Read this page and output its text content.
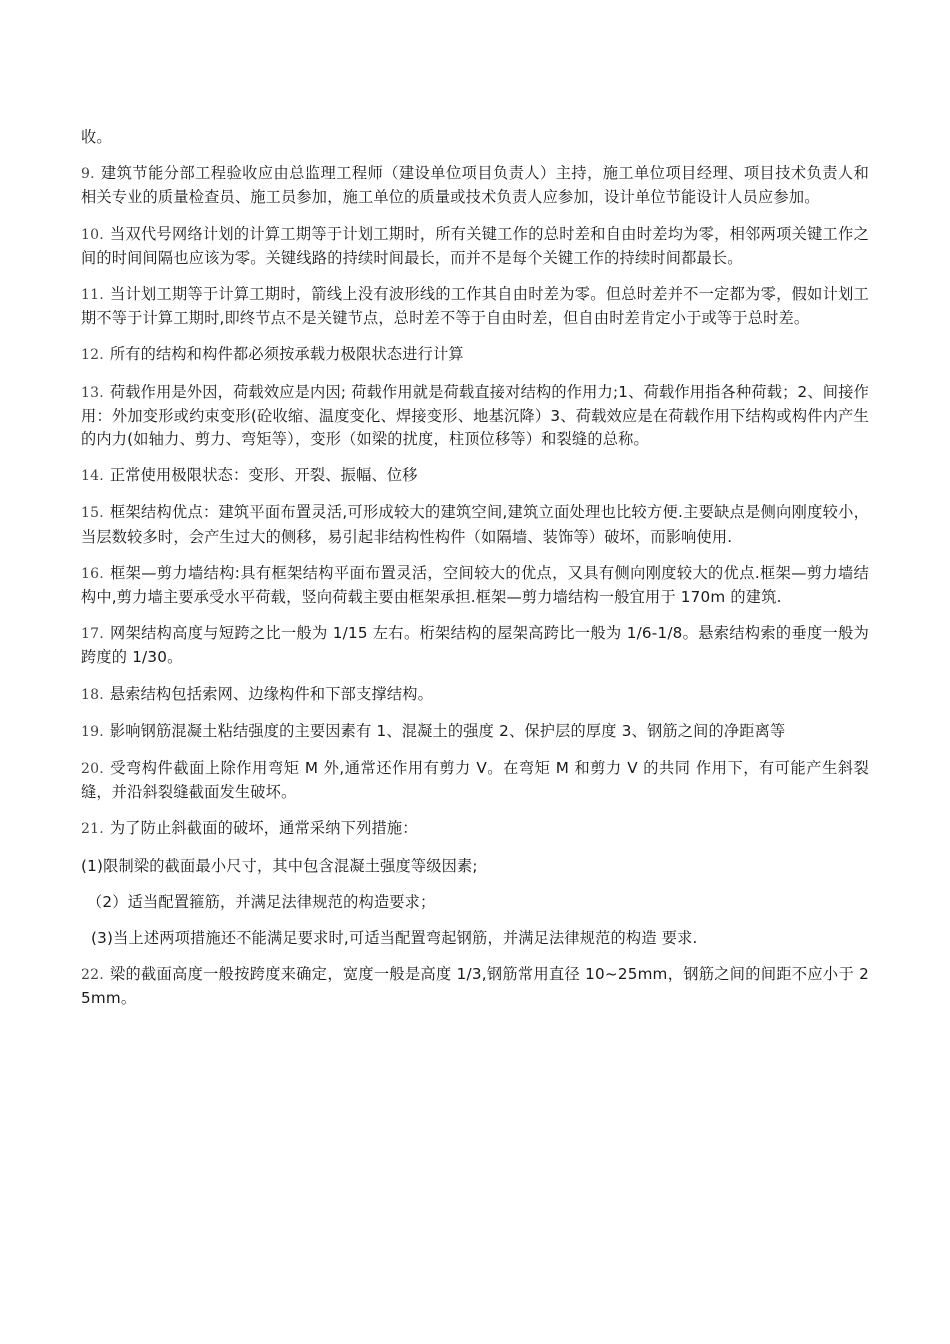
收。

9. 建筑节能分部工程验收应由总监理工程师（建设单位项目负责人）主持，施工单位项目经理、项目技术负责人和相关专业的质量检查员、施工员参加，施工单位的质量或技术负责人应参加，设计单位节能设计人员应参加。

10. 当双代号网络计划的计算工期等于计划工期时，所有关键工作的总时差和自由时差均为零，相邻两项关键工作之间的时间间隔也应该为零。关键线路的持续时间最长，而并不是每个关键工作的持续时间都最长。

11. 当计划工期等于计算工期时，箭线上没有波形线的工作其自由时差为零。但总时差并不一定都为零，假如计划工期不等于计算工期时,即终节点不是关键节点，总时差不等于自由时差，但自由时差肯定小于或等于总时差。

12. 所有的结构和构件都必须按承载力极限状态进行计算

13. 荷载作用是外因，荷载效应是内因; 荷载作用就是荷载直接对结构的作用力;1、荷载作用指各种荷载；2、间接作用：外加变形或约束变形(砼收缩、温度变化、焊接变形、地基沉降）3、荷载效应是在荷载作用下结构或构件内产生的内力(如轴力、剪力、弯矩等），变形（如梁的扰度，柱顶位移等）和裂缝的总称。

14. 正常使用极限状态：变形、开裂、振幅、位移

15. 框架结构优点：建筑平面布置灵活,可形成较大的建筑空间,建筑立面处理也比较方便.主要缺点是侧向刚度较小，当层数较多时，会产生过大的侧移，易引起非结构性构件（如隔墙、装饰等）破坏，而影响使用.

16. 框架—剪力墙结构:具有框架结构平面布置灵活，空间较大的优点，又具有侧向刚度较大的优点.框架—剪力墙结构中,剪力墙主要承受水平荷载，竖向荷载主要由框架承担.框架—剪力墙结构一般宜用于 170m 的建筑.

17. 网架结构高度与短跨之比一般为 1/15 左右。桁架结构的屋架高跨比一般为 1/6-1/8。悬索结构索的垂度一般为跨度的 1/30。

18. 悬索结构包括索网、边缘构件和下部支撑结构。

19. 影响钢筋混凝土粘结强度的主要因素有 1、混凝土的强度 2、保护层的厚度 3、钢筋之间的净距离等

20. 受弯构件截面上除作用弯矩 M 外,通常还作用有剪力 V。在弯矩 M 和剪力 V 的共同 作用下，有可能产生斜裂缝，并沿斜裂缝截面发生破坏。

21. 为了防止斜截面的破坏，通常采纳下列措施：

(1)限制梁的截面最小尺寸，其中包含混凝土强度等级因素;

（2）适当配置箍筋，并满足法律规范的构造要求；

(3)当上述两项措施还不能满足要求时,可适当配置弯起钢筋，并满足法律规范的构造 要求.

22. 梁的截面高度一般按跨度来确定，宽度一般是高度 1/3,钢筋常用直径 10~25mm，钢筋之间的间距不应小于 25mm。
